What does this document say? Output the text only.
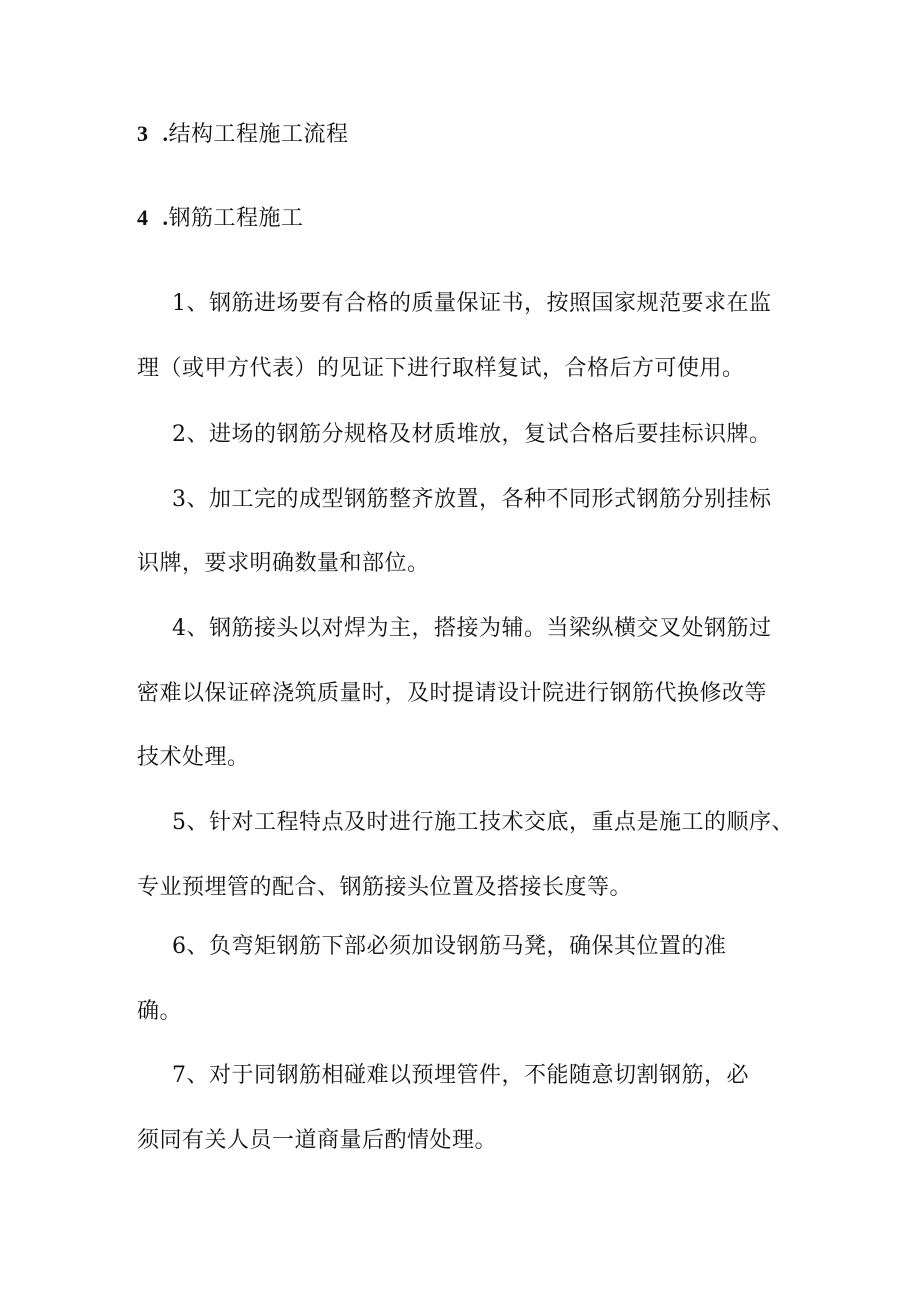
3 .结构工程施工流程
4 .钢筋工程施工
1、钢筋进场要有合格的质量保证书，按照国家规范要求在监
理（或甲方代表）的见证下进行取样复试，合格后方可使用。
2、进场的钢筋分规格及材质堆放，复试合格后要挂标识牌。
3、加工完的成型钢筋整齐放置，各种不同形式钢筋分别挂标
识牌，要求明确数量和部位。
4、钢筋接头以对焊为主，搭接为辅。当梁纵横交叉处钢筋过
密难以保证碎浇筑质量时，及时提请设计院进行钢筋代换修改等
技术处理。
5、针对工程特点及时进行施工技术交底，重点是施工的顺序、
专业预埋管的配合、钢筋接头位置及搭接长度等。
6、负弯矩钢筋下部必须加设钢筋马凳，确保其位置的准
确。
7、对于同钢筋相碰难以预埋管件，不能随意切割钢筋，必
须同有关人员一道商量后酌情处理。
